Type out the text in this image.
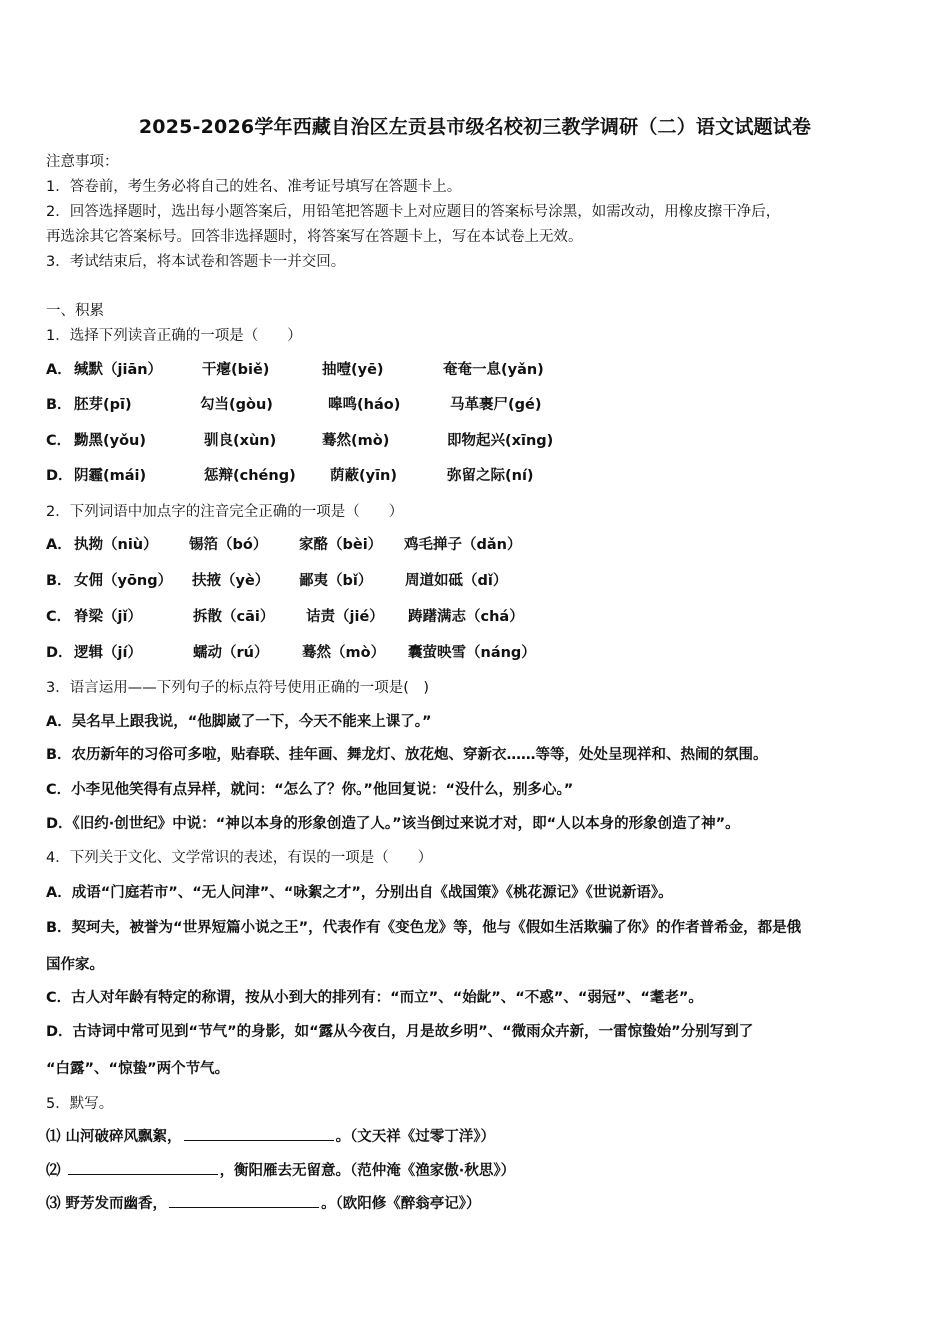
2025-2026学年西藏自治区左贡县市级名校初三教学调研（二）语文试题试卷
注意事项：
1．答卷前，考生务必将自己的姓名、准考证号填写在答题卡上。
2．回答选择题时，选出每小题答案后，用铅笔把答题卡上对应题目的答案标号涂黑，如需改动，用橡皮擦干净后，
再选涂其它答案标号。回答非选择题时，将答案写在答题卡上，写在本试卷上无效。
3．考试结束后，将本试卷和答题卡一并交回。
一、积累
1．选择下列读音正确的一项是（　　）
A． 缄默（jiān）	干瘪(biě)	抽噎(yē)	奄奄一息(yǎn)
B． 胚芽(pī)	勾当(gòu)	嗥鸣(háo)	马革裹尸(gé)
C． 黝黑(yǒu)	驯良(xùn)	蓦然(mò)	即物起兴(xīng)
D． 阴霾(mái)	惩辩(chéng) 荫蔽(yīn)	弥留之际(ní)
2．下列词语中加点字的注音完全正确的一项是（　　）
A． 执拗（niù） 锡箔（bó） 家酪（bèi） 鸡毛掸子（dǎn）
B． 女佣（yōng） 扶掖（yè） 鄙夷（bǐ） 周道如砥（dǐ）
C． 脊梁（jǐ）	拆散（cāi） 诘责（jié） 踌躇满志（chá）
D． 逻辑（jí）	蠕动（rú） 蓦然（mò） 囊萤映雪（náng）
3．语言运用——下列句子的标点符号使用正确的一项是(　)
A．吴名早上跟我说，“他脚崴了一下，今天不能来上课了。”
B．农历新年的习俗可多啦，贴春联、挂年画、舞龙灯、放花炮、穿新衣……等等，处处呈现祥和、热闹的氛围。
C．小李见他笑得有点异样，就问：“怎么了？你。”他回复说：“没什么，别多心。”
D．《旧约·创世纪》中说：“神以本身的形象创造了人。”该当倒过来说才对，即“人以本身的形象创造了神”。
4．下列关于文化、文学常识的表述，有误的一项是（　　）
A．成语“门庭若市”、“无人问津”、“咏絮之才”，分别出自《战国策》《桃花源记》《世说新语》。
B．契珂夫，被誉为“世界短篇小说之王”，代表作有《变色龙》等，他与《假如生活欺骗了你》的作者普希金，都是俄
国作家。
C．古人对年龄有特定的称谓，按从小到大的排列有：“而立”、“始龀”、“不惑”、“弱冠”、“耄老”。
D．古诗词中常可见到“节气”的身影，如“露从今夜白，月是故乡明”、“微雨众卉新，一雷惊蛰始”分别写到了
“白露”、“惊蛰”两个节气。
5．默写。
⑴ 山河破碎风飘絮，	。（文天祥《过零丁洋》）
⑵	，衡阳雁去无留意。（范仲淹《渔家傲·秋思》）
⑶ 野芳发而幽香，	。（欧阳修《醉翁亭记》）
